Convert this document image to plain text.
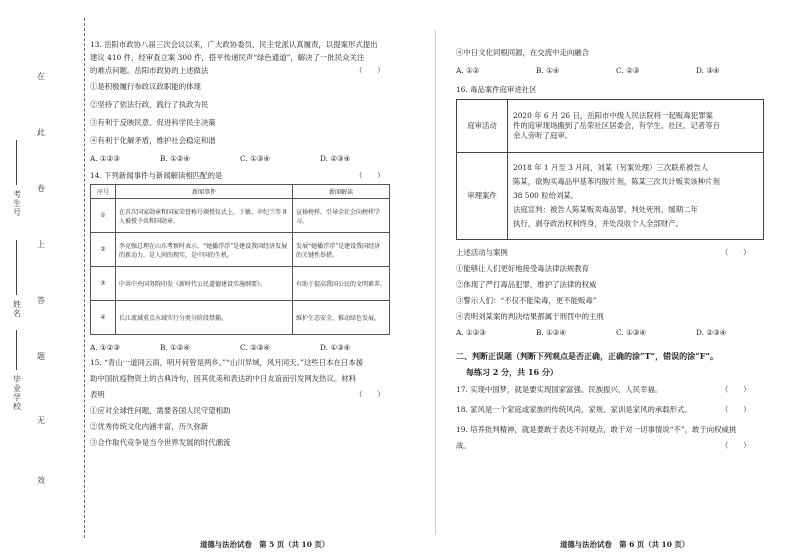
在
此
卷
上
答
题
无
效
考生号
姓名
毕业学校

13. 岳阳市政协八届三次会议以来，广大政协委员、民主党派认真履责，以提案形式提出

建议 410 件，经审查立案 300 件，搭平传递民声“绿色通道”，解决了一批民众关注

的难点问题。岳阳市政协的上述做法	（　　）

①是积极履行参政议政职能的体现

②坚持了依法行政，践行了执政为民

③有利于反映民意、促进科学民主决策

④有利于化解矛盾，维护社会稳定和谐

A. ①②③	B. ①②④	C. ①③④	D. ②③④

14. 下列新闻事件与新闻解读相匹配的是	（　　）

序号	新闻事件	新闻解读
①	在首次国家勋章和国家荣誉称号颁授仪式上，于敏、申纪兰等 8 人被授予共和国勋章。	宣扬榜样，引导全社会向榜样学习。
②	李克强总理在山东考察时表示，“她播浮浮”是建设我国经济发展的新动力，是人间的现实，是中国的生机。	发展“她播浮浮”是建设我国经济的关键性举措。
③	中共中央国务院印发《新时代公民道德建设实施纲要》。	有助于提高我国公民的文明素养。
④	长江流域重点水域实行分类分阶段禁捕。	维护生态安全，推动绿色发展。
A. ①②③	B. ①②④	C. ②③④	D. ①③④

15. “青山一道同云雨，明月何曾是两乡。”“山川异域，风月同天。”这些日本在日本援

助中国抗疫物资上的古典诗句，因其优美和表达的中日友谊而引发网友热议。材料

表明	（　　）

①应对全球性问题，需要各国人民守望相助

②优秀传统文化内涵丰富，历久弥新

③合作取代竞争是当今世界发展的时代潮流

道德与法治试卷　第 5 页（共 10 页）

④中日文化同根同源，在交流中走向融合

A. ①②	B. ①④	C. ②③	D. ③④

16. 毒品案件庭审进社区

庭审活动	2020 年 6 月 26 日，岳阳市中级人民法院将一起贩毒犯罪案
件的庭审现场搬到了岳荣社区居委会，有学生、社区、记者等百
余人旁听了庭审。

审理案件	2018 年 1 月至 3 月间，刘某（另案处理）三次联系被告人
陈某，欲购买毒品甲基苯丙胺片剂，陈某三次共计贩卖该种片剂
38 500 粒给刘某。
法庭宣判：被告人陈某贩卖毒品罪，判处死刑，缓期二年
执行，剥夺政治权利终身，并处没收个人全部财产。

上述活动与案例	（　　）

①能够让人们更好地接受毒法律法规教育

②体现了严打毒品犯罪，维护了法律的权威

③警示人们：“不仅不能染毒，更不能贩毒”

④表明刘某案的判决结果都属于刑罚中的主刑

A. ①②③	B. ①②④	C. ①③④	D. ②③④

二、判断正误题（判断下列观点是否正确，正确的涂“T”，错误的涂“F”。

每练习 2 分，共 16 分）

17. 实现中国梦，就是要实现国家富强、民族振兴、人民幸福。	（　　）

18. 家风是一个家庭或家族的传统风尚，家规、家训是家风的承载形式。	（　　）

19. 培养批判精神，就是要敢于表达不同观点，敢于对一切事情说“不”，敢于向权威挑

战。	（　　）

道德与法治试卷　第 6 页（共 10 页）
